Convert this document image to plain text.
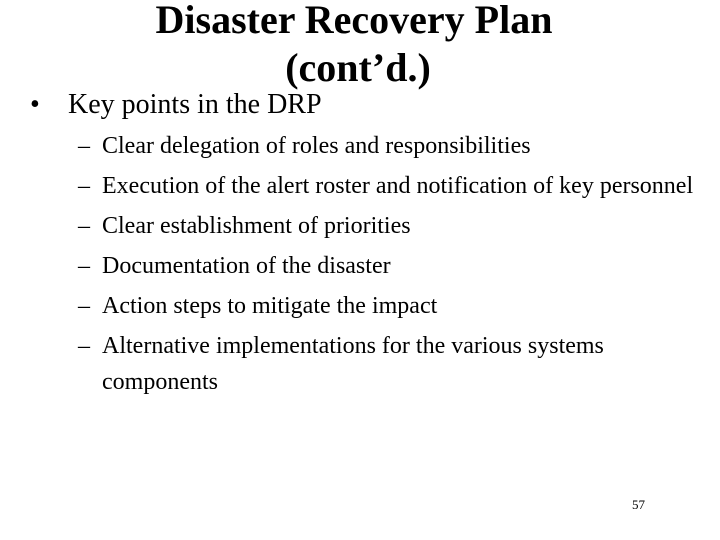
Disaster Recovery Plan
(cont’d.)
•	Key points in the DRP
– Clear delegation of roles and responsibilities
– Execution of the alert roster and notification of key personnel
– Clear establishment of priorities
– Documentation of the disaster
– Action steps to mitigate the impact
– Alternative implementations for the various systems components
57
